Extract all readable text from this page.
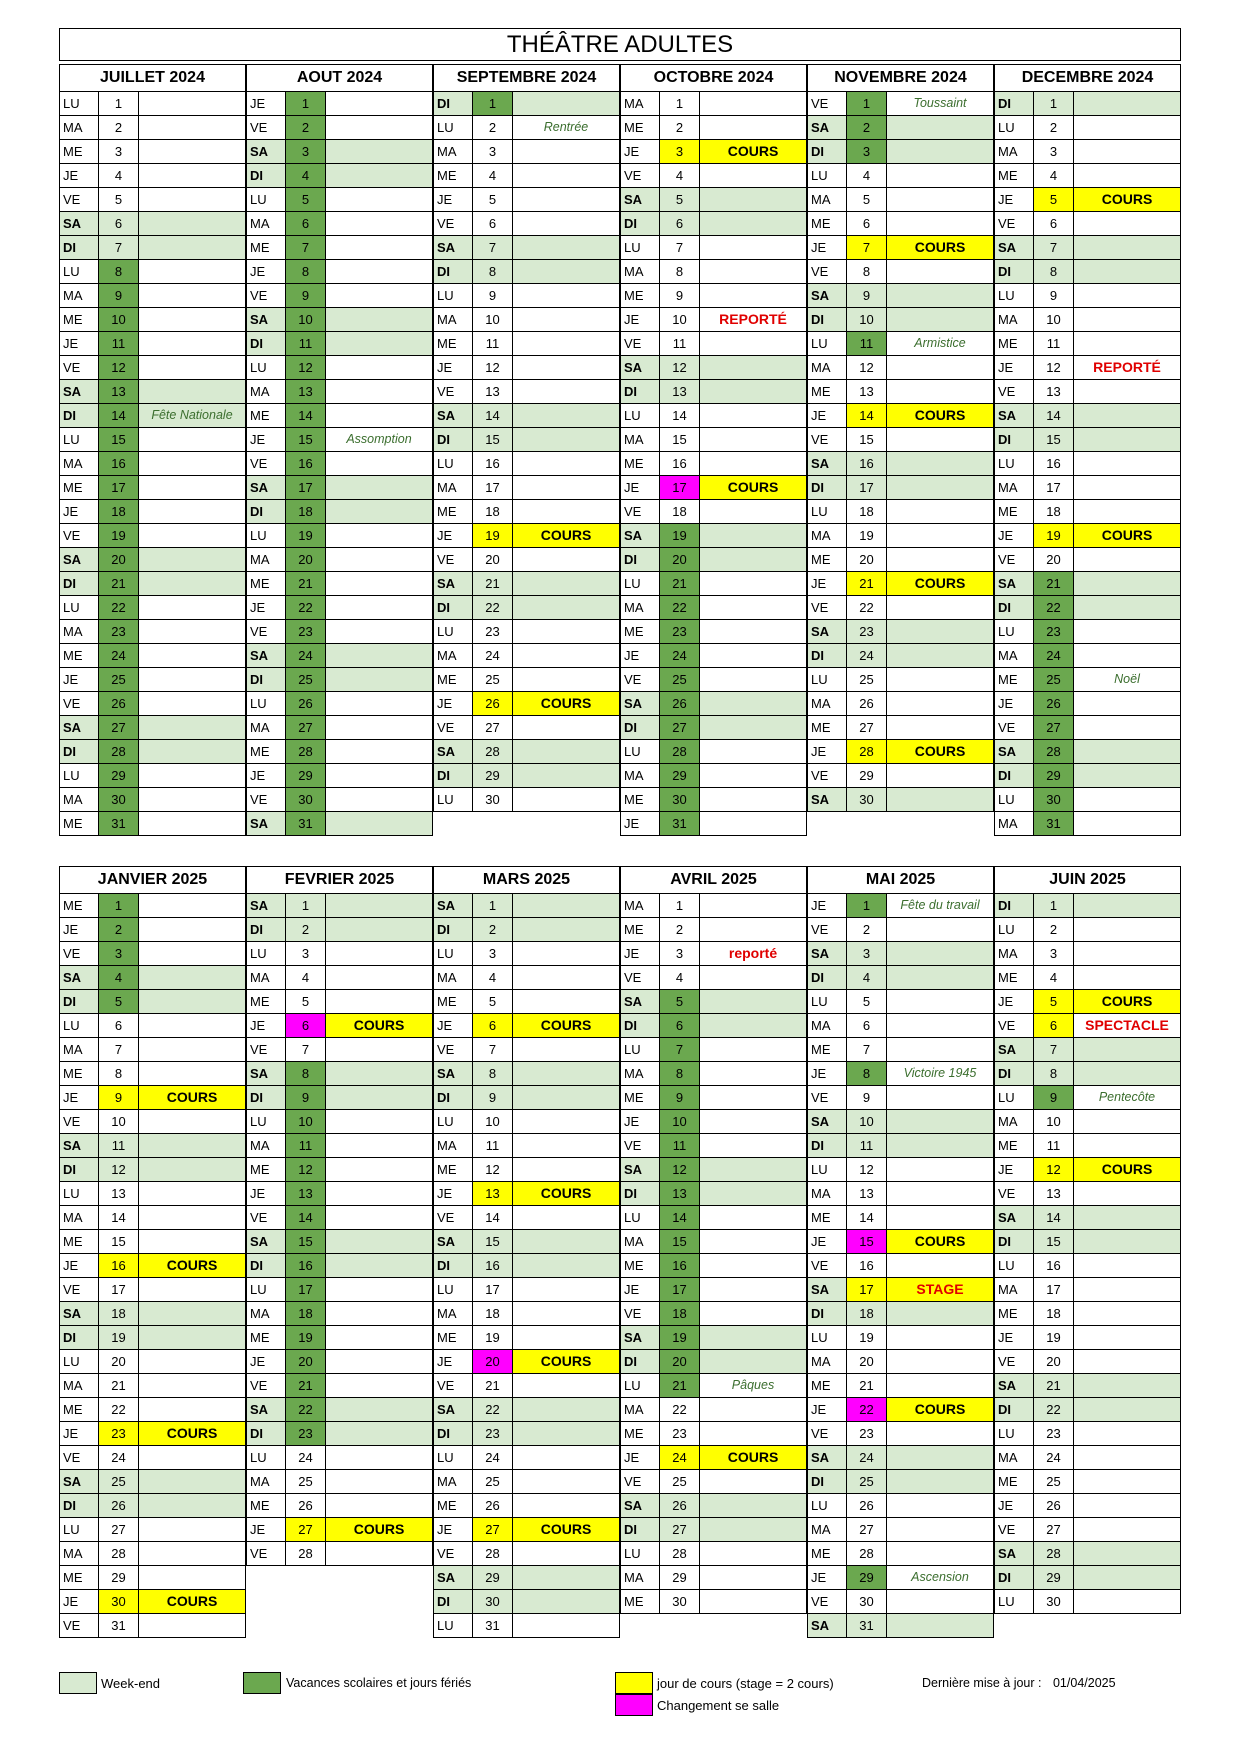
THÉÂTRE ADULTES
JUILLET 2024
LU	1
MA	2
ME	3
JE	4
VE	5
SA	6
DI	7
LU	8
MA	9
ME	10
JE	11
VE	12
SA	13
DI	14	Fête Nationale
LU	15
MA	16
ME	17
JE	18
VE	19
SA	20
DI	21
LU	22
MA	23
ME	24
JE	25
VE	26
SA	27
DI	28
LU	29
MA	30
ME	31
AOUT 2024
JE	1
VE	2
SA	3
DI	4
LU	5
MA	6
ME	7
JE	8
VE	9
SA	10
DI	11
LU	12
MA	13
ME	14
JE	15	Assomption
VE	16
SA	17
DI	18
LU	19
MA	20
ME	21
JE	22
VE	23
SA	24
DI	25
LU	26
MA	27
ME	28
JE	29
VE	30
SA	31
SEPTEMBRE 2024
DI	1
LU	2	Rentrée
MA	3
ME	4
JE	5
VE	6
SA	7
DI	8
LU	9
MA	10
ME	11
JE	12
VE	13
SA	14
DI	15
LU	16
MA	17
ME	18
JE	19	COURS
VE	20
SA	21
DI	22
LU	23
MA	24
ME	25
JE	26	COURS
VE	27
SA	28
DI	29
LU	30
OCTOBRE 2024
MA	1
ME	2
JE	3	COURS
VE	4
SA	5
DI	6
LU	7
MA	8
ME	9
JE	10	REPORTÉ
VE	11
SA	12
DI	13
LU	14
MA	15
ME	16
JE	17	COURS
VE	18
SA	19
DI	20
LU	21
MA	22
ME	23
JE	24
VE	25
SA	26
DI	27
LU	28
MA	29
ME	30
JE	31
NOVEMBRE 2024
VE	1	Toussaint
SA	2
DI	3
LU	4
MA	5
ME	6
JE	7	COURS
VE	8
SA	9
DI	10
LU	11	Armistice
MA	12
ME	13
JE	14	COURS
VE	15
SA	16
DI	17
LU	18
MA	19
ME	20
JE	21	COURS
VE	22
SA	23
DI	24
LU	25
MA	26
ME	27
JE	28	COURS
VE	29
SA	30
DECEMBRE 2024
DI	1
LU	2
MA	3
ME	4
JE	5	COURS
VE	6
SA	7
DI	8
LU	9
MA	10
ME	11
JE	12	REPORTÉ
VE	13
SA	14
DI	15
LU	16
MA	17
ME	18
JE	19	COURS
VE	20
SA	21
DI	22
LU	23
MA	24
ME	25	Noël
JE	26
VE	27
SA	28
DI	29
LU	30
MA	31
JANVIER 2025
ME	1
JE	2
VE	3
SA	4
DI	5
LU	6
MA	7
ME	8
JE	9	COURS
VE	10
SA	11
DI	12
LU	13
MA	14
ME	15
JE	16	COURS
VE	17
SA	18
DI	19
LU	20
MA	21
ME	22
JE	23	COURS
VE	24
SA	25
DI	26
LU	27
MA	28
ME	29
JE	30	COURS
VE	31
FEVRIER 2025
SA	1
DI	2
LU	3
MA	4
ME	5
JE	6	COURS
VE	7
SA	8
DI	9
LU	10
MA	11
ME	12
JE	13
VE	14
SA	15
DI	16
LU	17
MA	18
ME	19
JE	20
VE	21
SA	22
DI	23
LU	24
MA	25
ME	26
JE	27	COURS
VE	28
MARS 2025
SA	1
DI	2
LU	3
MA	4
ME	5
JE	6	COURS
VE	7
SA	8
DI	9
LU	10
MA	11
ME	12
JE	13	COURS
VE	14
SA	15
DI	16
LU	17
MA	18
ME	19
JE	20	COURS
VE	21
SA	22
DI	23
LU	24
MA	25
ME	26
JE	27	COURS
VE	28
SA	29
DI	30
LU	31
AVRIL 2025
MA	1
ME	2
JE	3	reporté
VE	4
SA	5
DI	6
LU	7
MA	8
ME	9
JE	10
VE	11
SA	12
DI	13
LU	14
MA	15
ME	16
JE	17
VE	18
SA	19
DI	20
LU	21	Pâques
MA	22
ME	23
JE	24	COURS
VE	25
SA	26
DI	27
LU	28
MA	29
ME	30
MAI 2025
JE	1	Fête du travail
VE	2
SA	3
DI	4
LU	5
MA	6
ME	7
JE	8	Victoire 1945
VE	9
SA	10
DI	11
LU	12
MA	13
ME	14
JE	15	COURS
VE	16
SA	17	STAGE
DI	18
LU	19
MA	20
ME	21
JE	22	COURS
VE	23
SA	24
DI	25
LU	26
MA	27
ME	28
JE	29	Ascension
VE	30
SA	31
JUIN 2025
DI	1
LU	2
MA	3
ME	4
JE	5	COURS
VE	6	SPECTACLE
SA	7
DI	8
LU	9	Pentecôte
MA	10
ME	11
JE	12	COURS
VE	13
SA	14
DI	15
LU	16
MA	17
ME	18
JE	19
VE	20
SA	21
DI	22
LU	23
MA	24
ME	25
JE	26
VE	27
SA	28
DI	29
LU	30
Week-end	Vacances scolaires et jours fériés	jour de cours (stage = 2 cours)
Changement se salle
Dernière mise à jour : 01/04/2025
